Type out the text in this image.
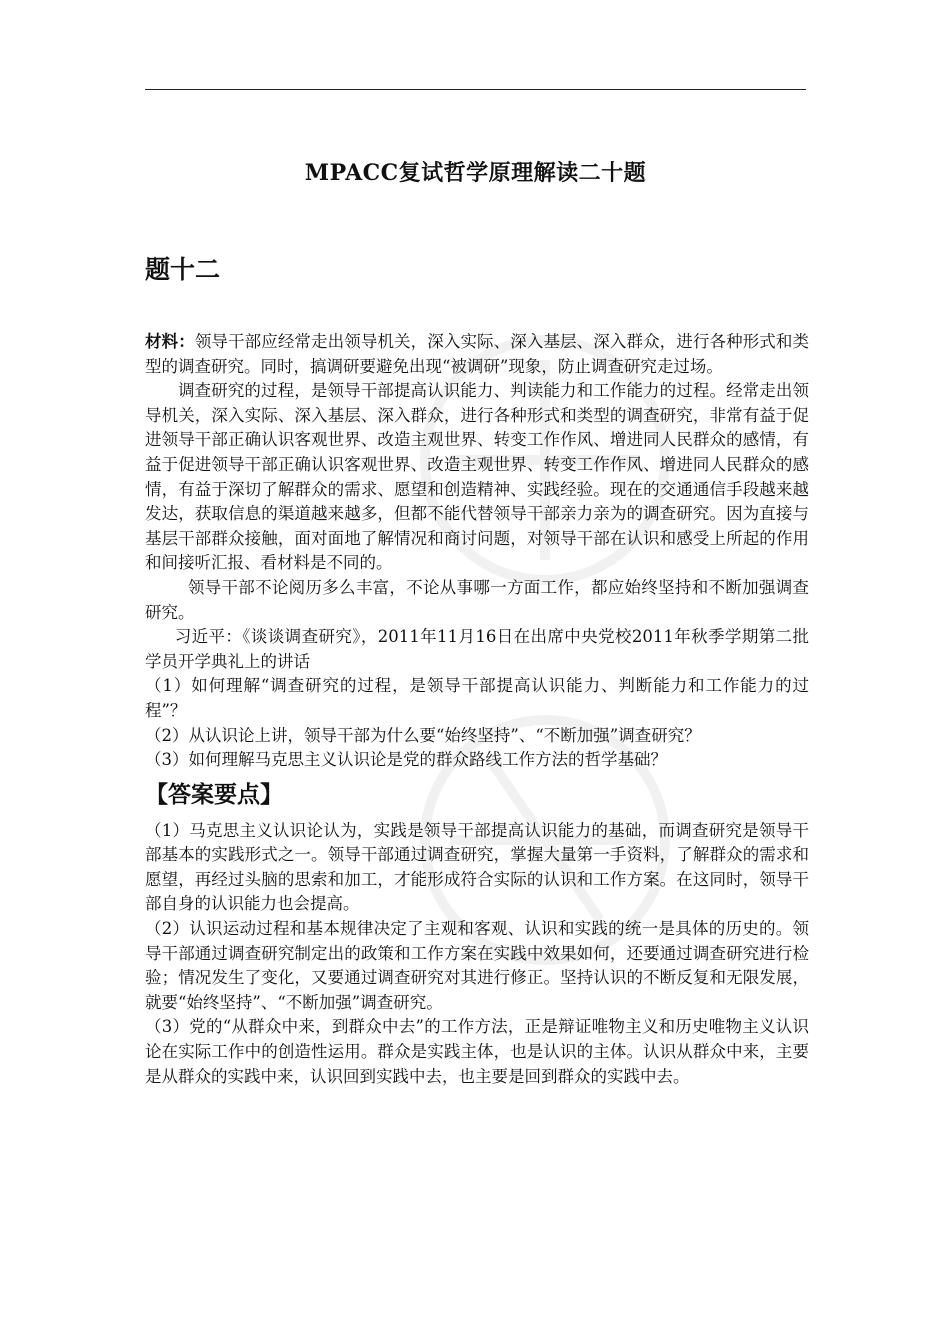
MPACC复试哲学原理解读二十题
题十二

材料：领导干部应经常走出领导机关，深入实际、深入基层、深入群众，进行各种形式和类型的调查研究。同时，搞调研要避免出现“被调研”现象，防止调查研究走过场。

调查研究的过程，是领导干部提高认识能力、判读能力和工作能力的过程。经常走出领导机关，深入实际、深入基层、深入群众，进行各种形式和类型的调查研究，非常有益于促进领导干部正确认识客观世界、改造主观世界、转变工作作风、增进同人民群众的感情，有益于促进领导干部正确认识客观世界、改造主观世界、转变工作作风、增进同人民群众的感情，有益于深切了解群众的需求、愿望和创造精神、实践经验。现在的交通通信手段越来越发达，获取信息的渠道越来越多，但都不能代替领导干部亲力亲为的调查研究。因为直接与基层干部群众接触，面对面地了解情况和商讨问题，对领导干部在认识和感受上所起的作用和间接听汇报、看材料是不同的。

领导干部不论阅历多么丰富，不论从事哪一方面工作，都应始终坚持和不断加强调查研究。

习近平：《谈谈调查研究》，2011年11月16日在出席中央党校2011年秋季学期第二批学员开学典礼上的讲话

（1）如何理解“调查研究的过程，是领导干部提高认识能力、判断能力和工作能力的过程”？

（2）从认识论上讲，领导干部为什么要“始终坚持”、“不断加强”调查研究？

（3）如何理解马克思主义认识论是党的群众路线工作方法的哲学基础？

【答案要点】

（1）马克思主义认识论认为，实践是领导干部提高认识能力的基础，而调查研究是领导干部基本的实践形式之一。领导干部通过调查研究，掌握大量第一手资料，了解群众的需求和愿望，再经过头脑的思索和加工，才能形成符合实际的认识和工作方案。在这同时，领导干部自身的认识能力也会提高。

（2）认识运动过程和基本规律决定了主观和客观、认识和实践的统一是具体的历史的。领导干部通过调查研究制定出的政策和工作方案在实践中效果如何，还要通过调查研究进行检验；情况发生了变化，又要通过调查研究对其进行修正。坚持认识的不断反复和无限发展，就要“始终坚持”、“不断加强”调查研究。

（3）党的“从群众中来，到群众中去”的工作方法，正是辩证唯物主义和历史唯物主义认识论在实际工作中的创造性运用。群众是实践主体，也是认识的主体。认识从群众中来，主要是从群众的实践中来，认识回到实践中去，也主要是回到群众的实践中去。
